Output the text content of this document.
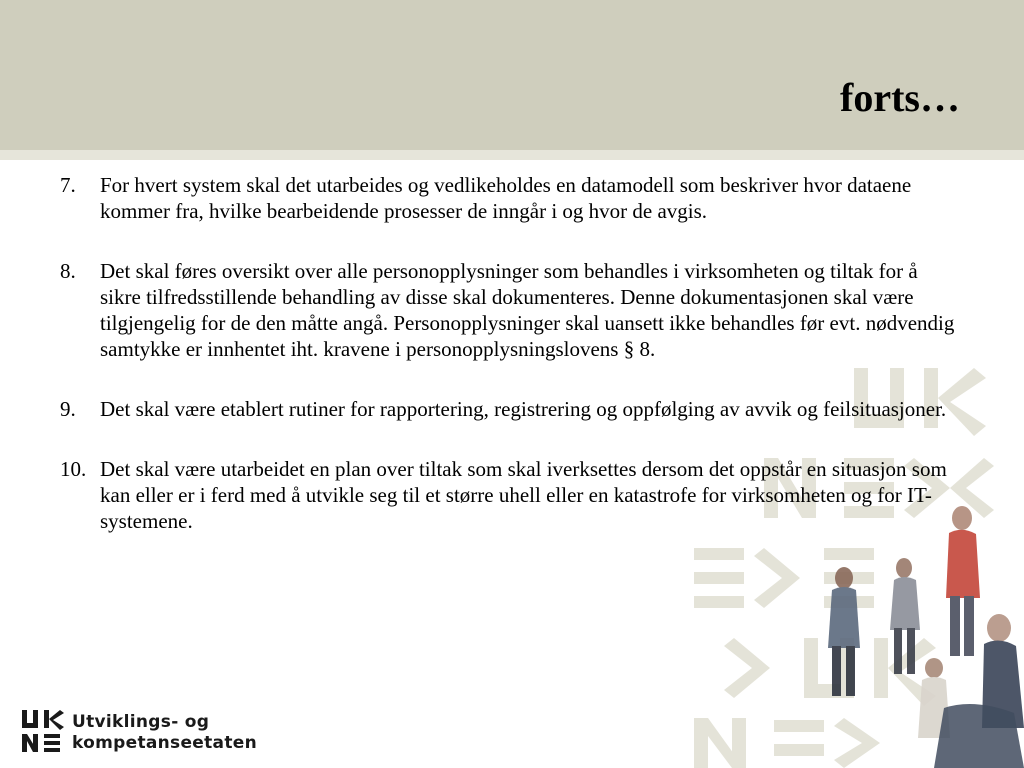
forts…
7. For hvert system skal det utarbeides og vedlikeholdes en datamodell som beskriver hvor dataene kommer fra, hvilke bearbeidende prosesser de inngår i og hvor de avgis.
8. Det skal føres oversikt over alle personopplysninger som behandles i virksomheten og tiltak for å sikre tilfredsstillende behandling av disse skal dokumenteres. Denne dokumentasjonen skal være tilgjengelig for de den måtte angå. Personopplysninger skal uansett ikke behandles før evt. nødvendig samtykke er innhentet iht. kravene i personopplysningslovens § 8.
9. Det skal være etablert rutiner for rapportering, registrering og oppfølging av avvik og feilsituasjoner.
10. Det skal være utarbeidet en plan over tiltak som skal iverksettes dersom det oppstår en situasjon som kan eller er i ferd med å utvikle seg til et større uhell eller en katastrofe for virksomheten og for IT-systemene.
Utviklings- og
kompetanseetaten
